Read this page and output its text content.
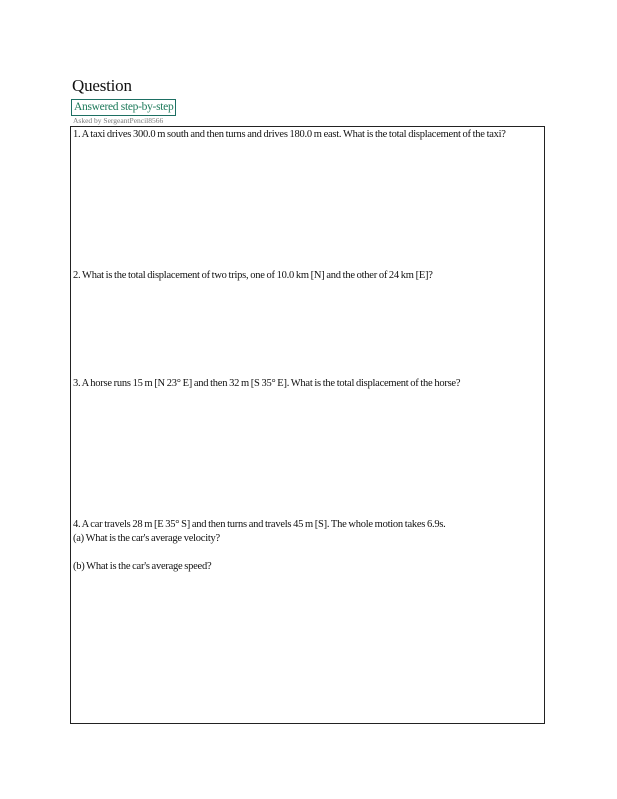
Question
Answered step-by-step
Asked by SergeantPencil8566

1. A taxi drives 300.0 m south and then turns and drives 180.0 m east. What is the total displacement of the taxi?

2. What is the total displacement of two trips, one of 10.0 km [N] and the other of 24 km [E]?

3. A horse runs 15 m [N 23° E] and then 32 m [S 35° E]. What is the total displacement of the horse?

4. A car travels 28 m [E 35° S] and then turns and travels 45 m [S]. The whole motion takes 6.9s.

(a) What is the car's average velocity?

(b) What is the car's average speed?
